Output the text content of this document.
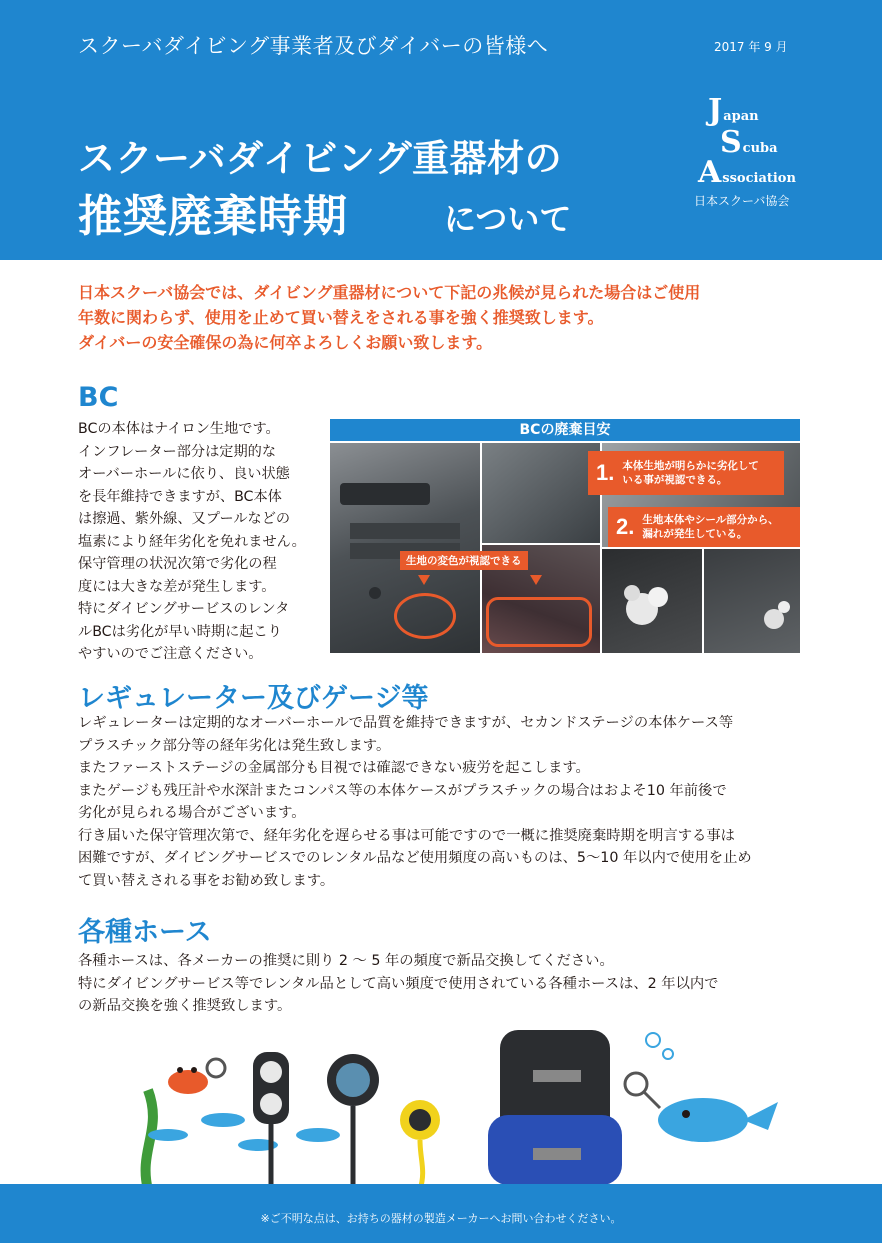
スクーバダイビング事業者及びダイバーの皆様へ	2017 年 9 月
スクーバダイビング重器材の
推奨廃棄時期	について
J apan
S cuba
A ssociation
日本スクーバ協会
日本スクーバ協会では、ダイビング重器材について下記の兆候が見られた場合はご使用
年数に関わらず、使用を止めて買い替えをされる事を強く推奨致します。
ダイバーの安全確保の為に何卒よろしくお願い致します。
BC
BCの本体はナイロン生地です。
インフレーター部分は定期的な
オーバーホールに依り、良い状態
を長年維持できますが、BC本体
は擦過、紫外線、又プールなどの
塩素により経年劣化を免れません。
保守管理の状況次第で劣化の程
度には大きな差が発生します。
特にダイビングサービスのレンタ
ルBCは劣化が早い時期に起こり
やすいのでご注意ください。
BCの廃棄目安
1. 本体生地が明らかに劣化して
いる事が視認できる。
2. 生地本体やシール部分から、
漏れが発生している。
生地の変色が視認できる
レギュレーター及びゲージ等

レギュレーターは定期的なオーバーホールで品質を維持できますが、セカンドステージの本体ケース等

プラスチック部分等の経年劣化は発生致します。

またファーストステージの金属部分も目視では確認できない疲労を起こします。

またゲージも残圧計や水深計またコンパス等の本体ケースがプラスチックの場合はおよそ10 年前後で

劣化が見られる場合がございます。

行き届いた保守管理次第で、経年劣化を遅らせる事は可能ですので一概に推奨廃棄時期を明言する事は

困難ですが、ダイビングサービスでのレンタル品など使用頻度の高いものは、5～10 年以内で使用を止め

て買い替えされる事をお勧め致します。

各種ホース

各種ホースは、各メーカーの推奨に則り 2 ～ 5 年の頻度で新品交換してください。

特にダイビングサービス等でレンタル品として高い頻度で使用されている各種ホースは、2 年以内で

の新品交換を強く推奨致します。

※ご不明な点は、お持ちの器材の製造メーカーへお問い合わせください。
